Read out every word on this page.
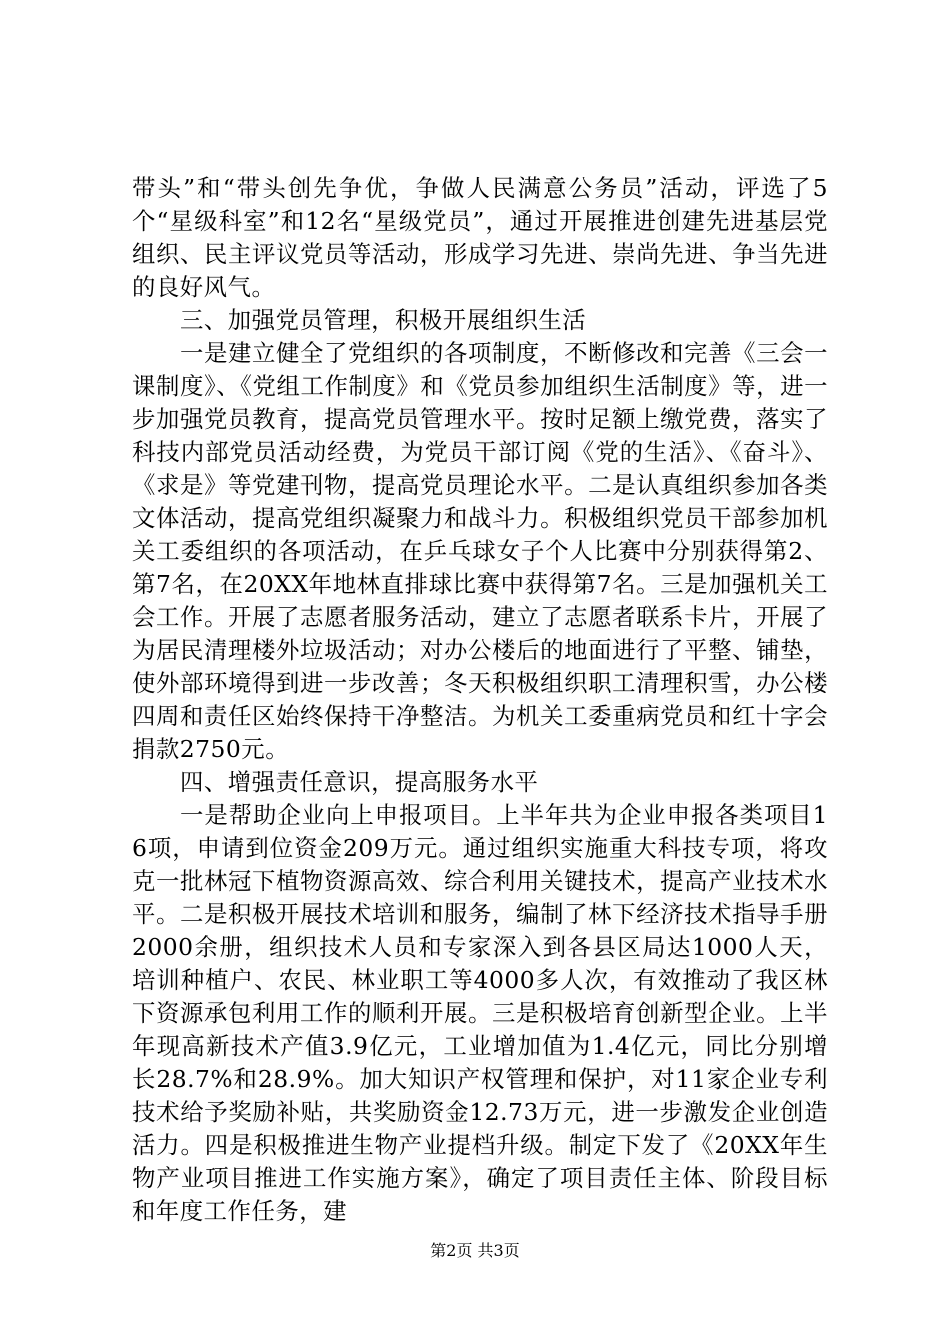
带头”和“带头创先争优，争做人民满意公务员”活动，评选了5个“星级科室”和12名“星级党员”，通过开展推进创建先进基层党组织、民主评议党员等活动，形成学习先进、崇尚先进、争当先进的良好风气。

三、加强党员管理，积极开展组织生活

一是建立健全了党组织的各项制度，不断修改和完善《三会一课制度》、《党组工作制度》和《党员参加组织生活制度》等，进一步加强党员教育，提高党员管理水平。按时足额上缴党费，落实了科技内部党员活动经费，为党员干部订阅《党的生活》、《奋斗》、《求是》等党建刊物，提高党员理论水平。二是认真组织参加各类文体活动，提高党组织凝聚力和战斗力。积极组织党员干部参加机关工委组织的各项活动，在乒乓球女子个人比赛中分别获得第2、第7名，在20XX年地林直排球比赛中获得第7名。三是加强机关工会工作。开展了志愿者服务活动，建立了志愿者联系卡片，开展了为居民清理楼外垃圾活动；对办公楼后的地面进行了平整、铺垫，使外部环境得到进一步改善；冬天积极组织职工清理积雪，办公楼四周和责任区始终保持干净整洁。为机关工委重病党员和红十字会捐款2750元。

四、增强责任意识，提高服务水平

一是帮助企业向上申报项目。上半年共为企业申报各类项目16项，申请到位资金209万元。通过组织实施重大科技专项，将攻克一批林冠下植物资源高效、综合利用关键技术，提高产业技术水平。二是积极开展技术培训和服务，编制了林下经济技术指导手册2000余册，组织技术人员和专家深入到各县区局达1000人天，培训种植户、农民、林业职工等4000多人次，有效推动了我区林下资源承包利用工作的顺利开展。三是积极培育创新型企业。上半年现高新技术产值3.9亿元，工业增加值为1.4亿元，同比分别增长28.7%和28.9%。加大知识产权管理和保护，对11家企业专利技术给予奖励补贴，共奖励资金12.73万元，进一步激发企业创造活力。四是积极推进生物产业提档升级。制定下发了《20XX年生物产业项目推进工作实施方案》，确定了项目责任主体、阶段目标和年度工作任务，建

第2页 共3页
